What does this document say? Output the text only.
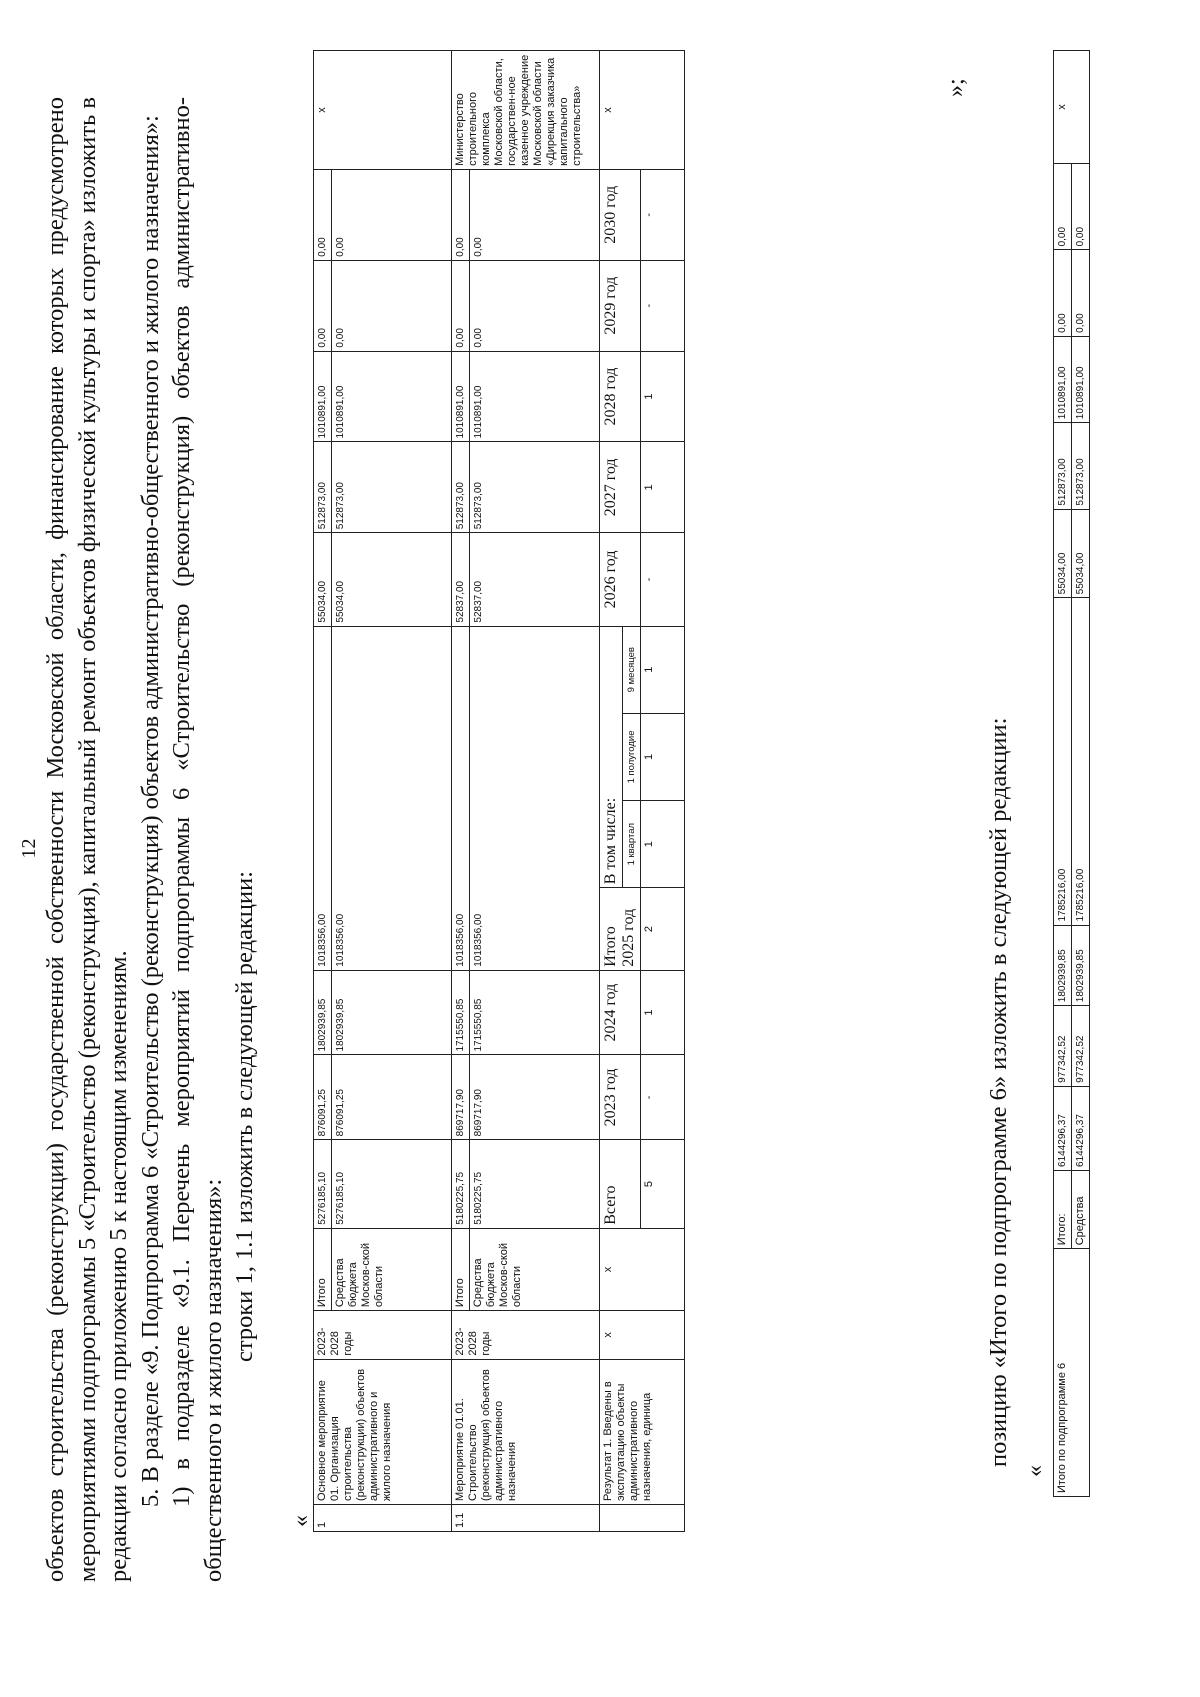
12 объектов строительства (реконструкции) государственной собственности Московской области, финансирование которых предусмотрено мероприятиями подпрограммы 5 «Строительство (реконструкция), капитальный ремонт объектов физической культуры и спорта» изложить в редакции согласно приложению 5 к настоящим изменениям. 5. В разделе «9. Подпрограмма 6 «Строительство (реконструкция) объектов административно-общественного и жилого назначения»: 1) в подразделе «9.1. Перечень мероприятий подпрограммы 6 «Строительство (реконструкция) объектов административно-общественного и жилого назначения»:

строки 1, 1.1 изложить в следующей редакции:

« 1	Основное мероприятие 01. Организация строительства (реконструкции) объектов административного и жилого назначения	2023-2028 годы	Итого	5276185,10	876091,25	1802939,85	1018356,00				55034,00	512873,00	1010891,00	0,00	0,00	x
			Средства бюджета Москов-ской области	5276185,10	876091,25	1802939,85	1018356,00				55034,00	512873,00	1010891,00	0,00	0,00	
1.1	Мероприятие 01.01. Строительство (реконструкция) объектов административного назначения	2023-2028 годы	Итого	5180225,75	869717,90	1715550,85	1018356,00				52837,00	512873,00	1010891,00	0,00	0,00	Министерство строительного комплекса Московской области, государствен-ное казенное учреждение Московской области «Дирекция заказчика капитального строительства»
			Средства бюджета Москов-ской области	5180225,75	869717,90	1715550,85	1018356,00				52837,00	512873,00	1010891,00	0,00	0,00	
	Результат 1. Введены в эксплуатацию объекты административного назначения, единица	x	x	Всего	2023 год	2024 год	Итого 2025 год	В том числе:			2026 год	2027 год	2028 год	2029 год	2030 год	x
								1 квартал	1 полугодие	9 месяцев						
				5	-	1	2	1	1	1	-	1	1	-	-	
»;
позицию «Итого по подпрограмме 6» изложить в следующей редакции:
« Итого по подпрограмме 6	Итого:	6144296,37	977342,52	1802939,85	1785216,00	55034,00	512873,00	1010891,00	0,00	0,00	x
	Средства	6144296,37	977342,52	1802939,85	1785216,00	55034,00	512873,00	1010891,00	0,00	0,00	
